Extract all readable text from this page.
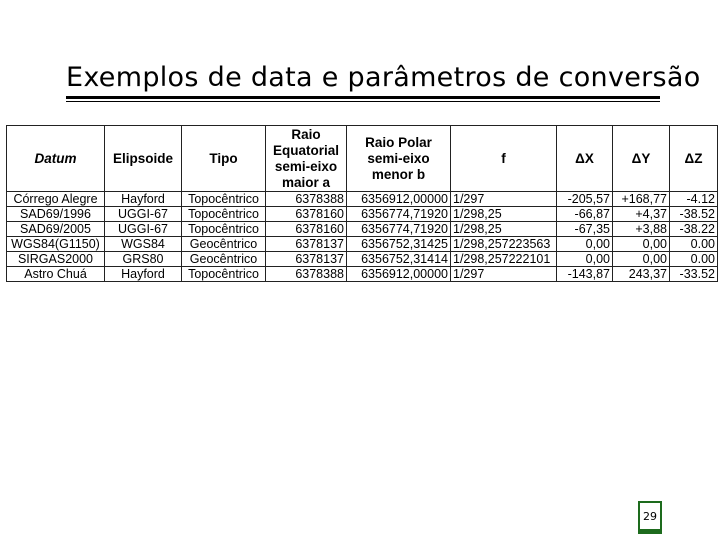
Exemplos de data e parâmetros de conversão
Datum	Elipsoide	Tipo	Raio Equatorial semi-eixo maior a	Raio Polar semi-eixo menor b	f	ΔX	ΔY	ΔZ
Córrego Alegre	Hayford	Topocêntrico	6378388	6356912,00000	1/297	-205,57	+168,77	-4.12
SAD69/1996	UGGI-67	Topocêntrico	6378160	6356774,71920	1/298,25	-66,87	+4,37	-38.52
SAD69/2005	UGGI-67	Topocêntrico	6378160	6356774,71920	1/298,25	-67,35	+3,88	-38.22
WGS84(G1150)	WGS84	Geocêntrico	6378137	6356752,31425	1/298,257223563	0,00	0,00	0.00
SIRGAS2000	GRS80	Geocêntrico	6378137	6356752,31414	1/298,257222101	0,00	0,00	0.00
Astro Chuá	Hayford	Topocêntrico	6378388	6356912,00000	1/297	-143,87	243,37	-33.52
29
